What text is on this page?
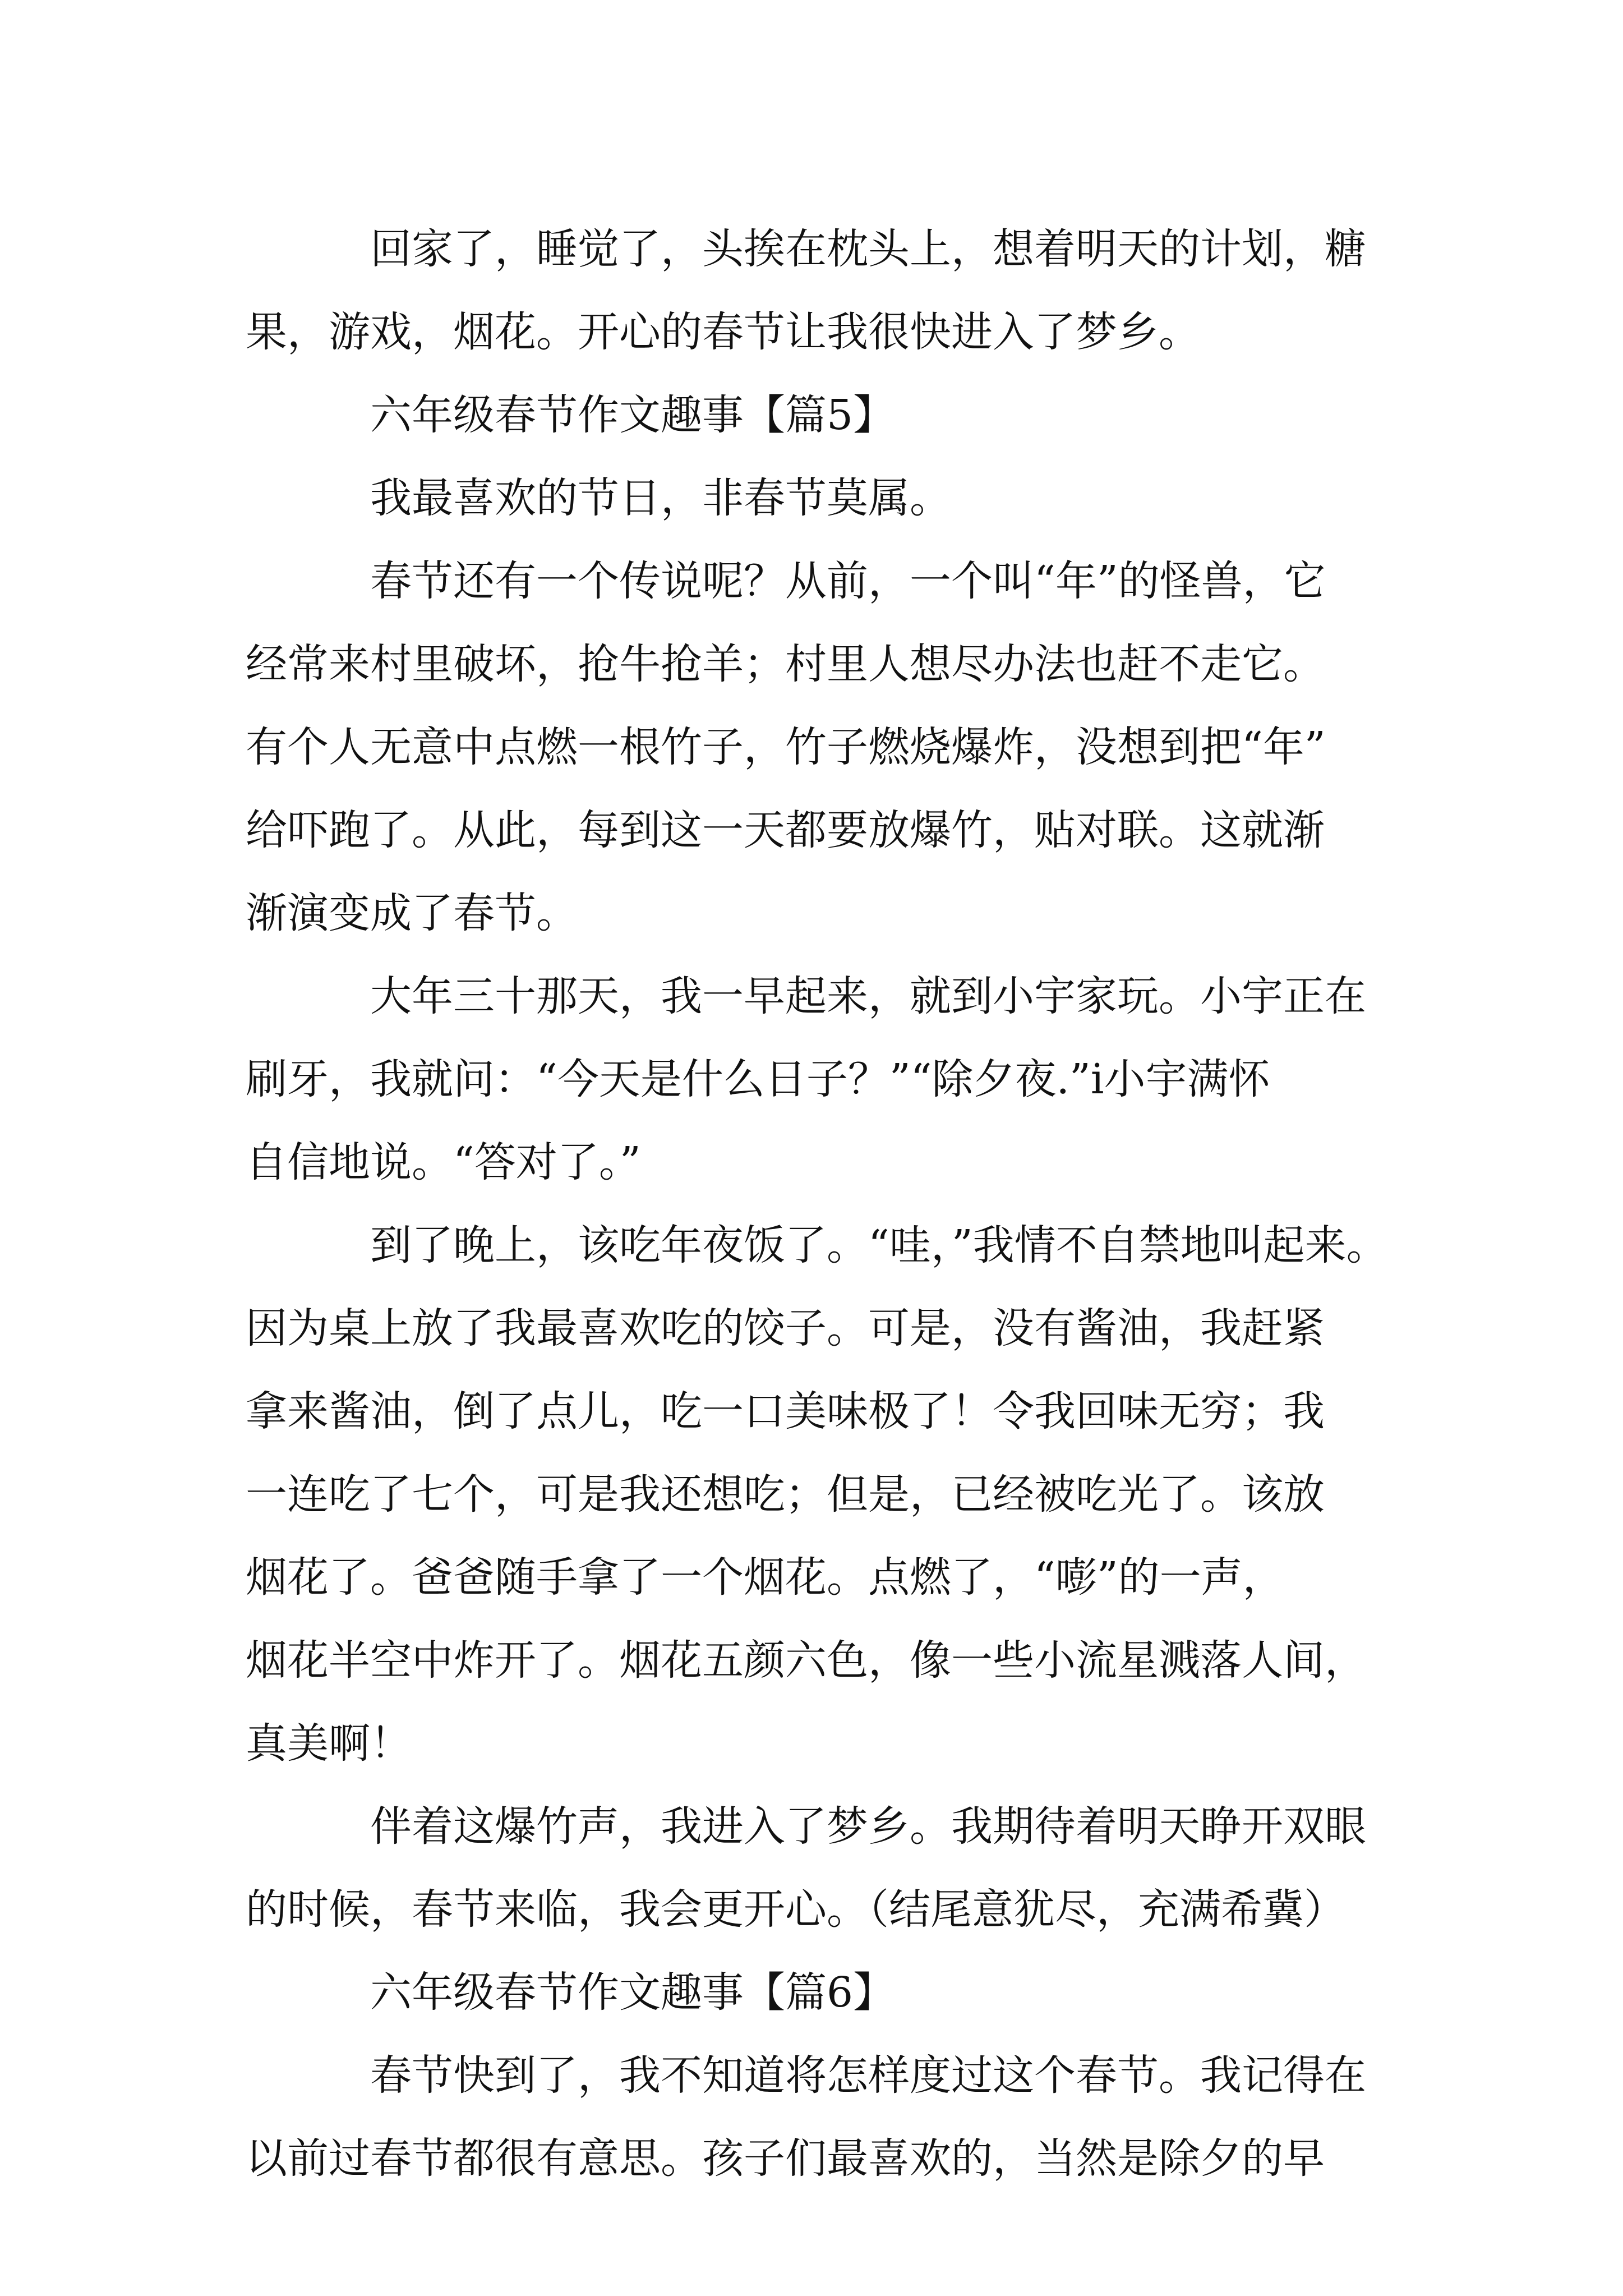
回家了，睡觉了，头挨在枕头上，想着明天的计划，糖
果，游戏，烟花。开心的春节让我很快进入了梦乡。
六年级春节作文趣事【篇5】
我最喜欢的节日，非春节莫属。
春节还有一个传说呢？从前，一个叫“年”的怪兽，它
经常来村里破坏，抢牛抢羊；村里人想尽办法也赶不走它。
有个人无意中点燃一根竹子，竹子燃烧爆炸，没想到把“年”
给吓跑了。从此，每到这一天都要放爆竹，贴对联。这就渐
渐演变成了春节。
大年三十那天，我一早起来，就到小宇家玩。小宇正在
刷牙，我就问：“今天是什么日子？”“除夕夜.”i小宇满怀
自信地说。“答对了。”
到了晚上，该吃年夜饭了。“哇，”我情不自禁地叫起来。
因为桌上放了我最喜欢吃的饺子。可是，没有酱油，我赶紧
拿来酱油，倒了点儿，吃一口美味极了！令我回味无穷；我
一连吃了七个，可是我还想吃；但是，已经被吃光了。该放
烟花了。爸爸随手拿了一个烟花。点燃了，“嘭”的一声，
烟花半空中炸开了。烟花五颜六色，像一些小流星溅落人间，
真美啊！
伴着这爆竹声，我进入了梦乡。我期待着明天睁开双眼
的时候，春节来临，我会更开心。（结尾意犹尽，充满希冀）
六年级春节作文趣事【篇6】
春节快到了，我不知道将怎样度过这个春节。我记得在
以前过春节都很有意思。孩子们最喜欢的，当然是除夕的早
